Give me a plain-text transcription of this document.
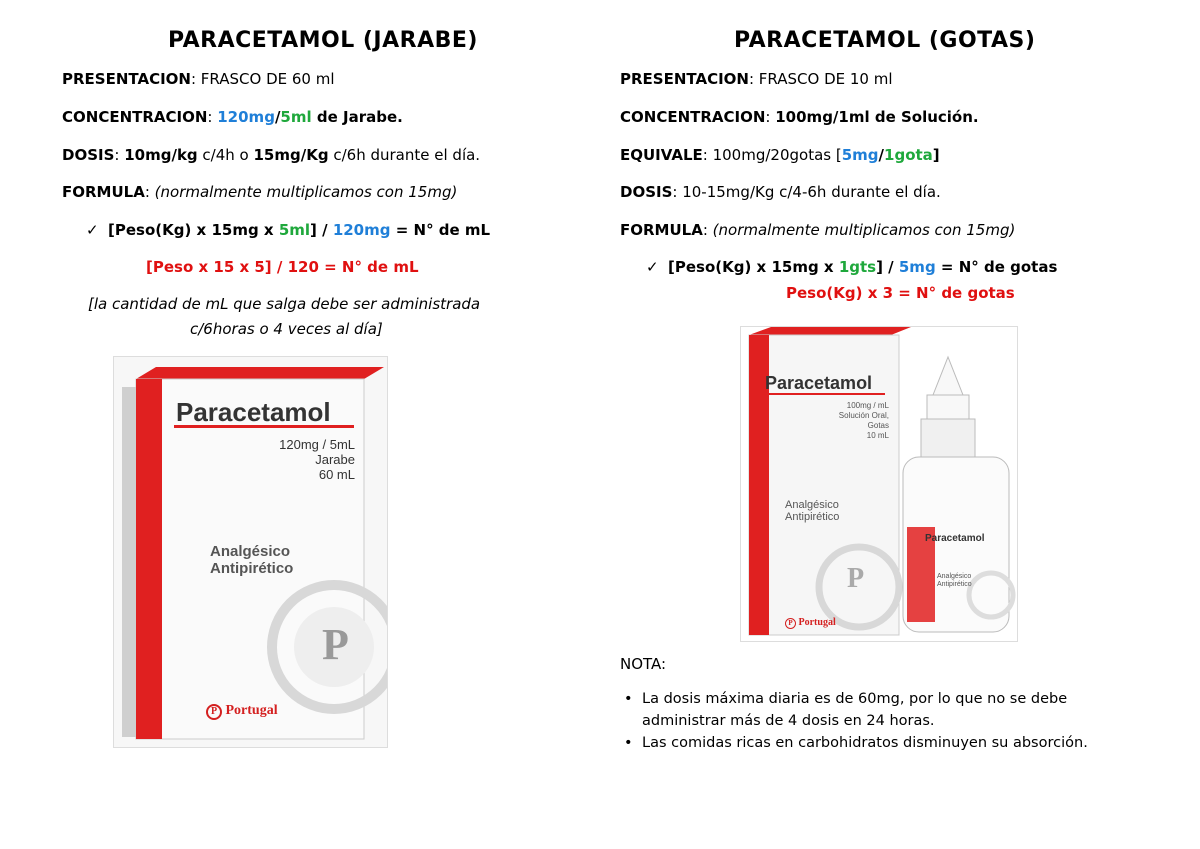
PARACETAMOL (JARABE)
PRESENTACION: FRASCO DE 60 ml
CONCENTRACION: 120mg/5ml de Jarabe.
DOSIS: 10mg/kg c/4h o 15mg/Kg c/6h durante el día.
FORMULA: (normalmente multiplicamos con 15mg)
✓ [Peso(Kg) x 15mg x 5ml] / 120mg = N° de mL
[Peso x 15 x 5] / 120 = N° de mL
[la cantidad de mL que salga debe ser administrada
c/6horas o 4 veces al día]
Paracetamol
120mg / 5mL
Jarabe
60 mL
Analgésico
Antipirético
P
P Portugal
PARACETAMOL (GOTAS)
PRESENTACION: FRASCO DE 10 ml
CONCENTRACION: 100mg/1ml de Solución.
EQUIVALE: 100mg/20gotas [5mg/1gota]
DOSIS: 10-15mg/Kg c/4-6h durante el día.
FORMULA: (normalmente multiplicamos con 15mg)
✓ [Peso(Kg) x 15mg x 1gts] / 5mg = N° de gotas
Peso(Kg) x 3 = N° de gotas
Paracetamol
100mg / mL
Solución Oral, Gotas
10 mL
Analgésico
Antipirético
Paracetamol
Analgésico
Antipirético
P
P Portugal
NOTA:
• La dosis máxima diaria es de 60mg, por lo que no se debe
administrar más de 4 dosis en 24 horas.
• Las comidas ricas en carbohidratos disminuyen su absorción.
